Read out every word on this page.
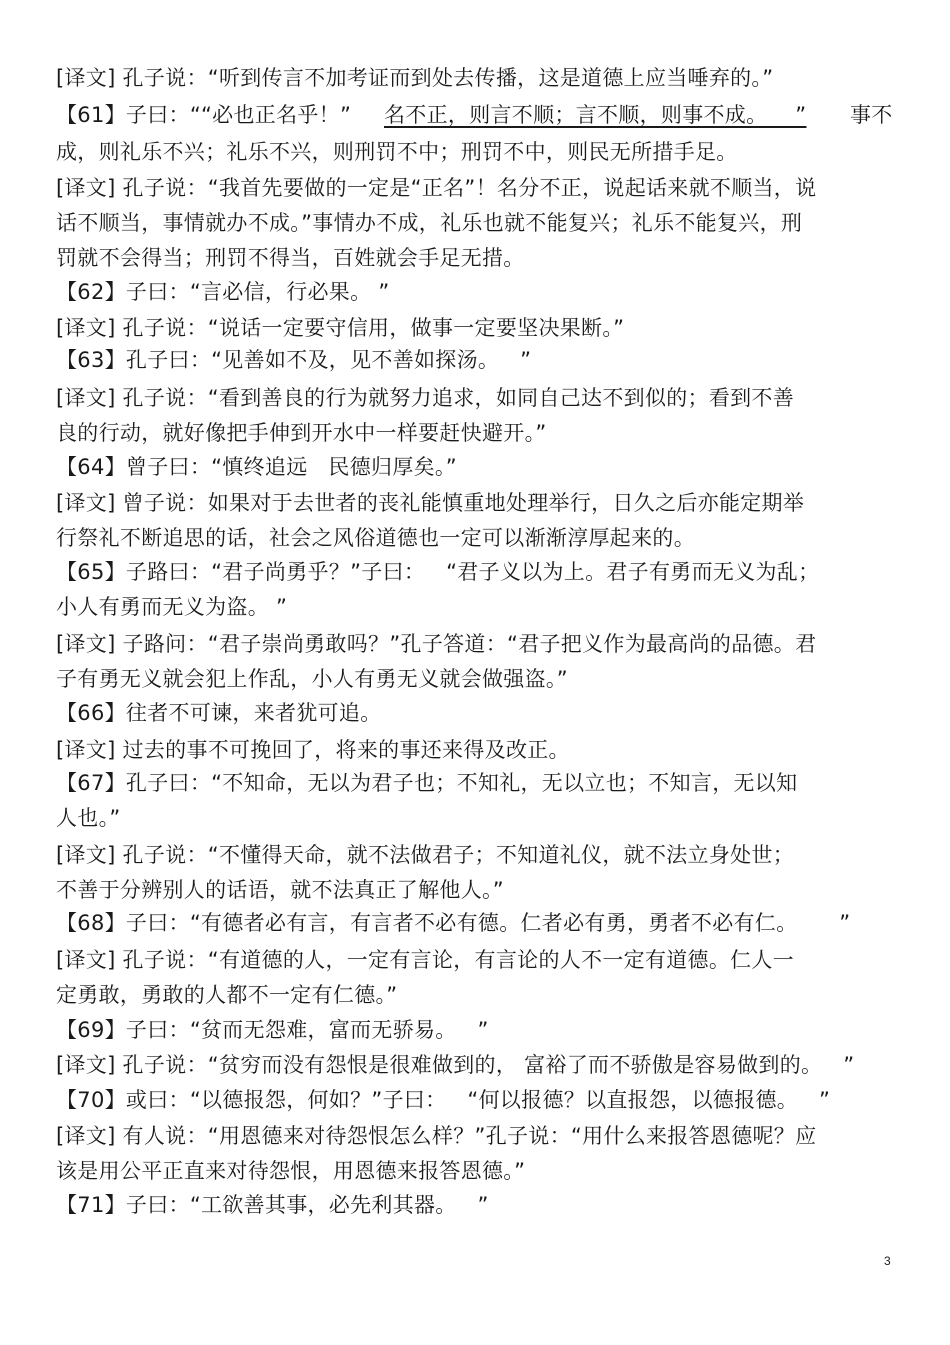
[译文] 孔子说：“听到传言不加考证而到处去传播，这是道德上应当唾弃的。”
【61】子曰：““必也正名乎！” 名不正，则言不顺；言不顺，则事不成。    ” 事不
成，则礼乐不兴；礼乐不兴，则刑罚不中；刑罚不中，则民无所措手足。
[译文] 孔子说：“我首先要做的一定是“正名”！名分不正，说起话来就不顺当，说
话不顺当，事情就办不成。”事情办不成，礼乐也就不能复兴；礼乐不能复兴，刑
罚就不会得当；刑罚不得当，百姓就会手足无措。
【62】子曰：“言必信，行必果。 ”
[译文] 孔子说：“说话一定要守信用，做事一定要坚决果断。”
【63】孔子曰：“见善如不及，见不善如探汤。   ”
[译文] 孔子说：“看到善良的行为就努力追求，如同自己达不到似的；看到不善
良的行动，就好像把手伸到开水中一样要赶快避开。”
【64】曾子曰：“慎终追远   民德归厚矣。”
[译文] 曾子说：如果对于去世者的丧礼能慎重地处理举行，日久之后亦能定期举
行祭礼不断追思的话，社会之风俗道德也一定可以渐渐淳厚起来的。
【65】子路曰：“君子尚勇乎？”子曰：   “君子义以为上。君子有勇而无义为乱；
小人有勇而无义为盗。 ”
[译文] 子路问：“君子崇尚勇敢吗？”孔子答道：“君子把义作为最高尚的品德。君
子有勇无义就会犯上作乱，小人有勇无义就会做强盗。”
【66】往者不可谏，来者犹可追。
[译文] 过去的事不可挽回了，将来的事还来得及改正。
【67】孔子曰：“不知命，无以为君子也；不知礼，无以立也；不知言，无以知
人也。”
[译文] 孔子说：“不懂得天命，就不法做君子；不知道礼仪，就不法立身处世；
不善于分辨别人的话语，就不法真正了解他人。”
【68】子曰：“有德者必有言，有言者不必有德。仁者必有勇，勇者不必有仁。      ”
[译文] 孔子说：“有道德的人，一定有言论，有言论的人不一定有道德。仁人一
定勇敢，勇敢的人都不一定有仁德。”
【69】子曰：“贫而无怨难，富而无骄易。   ”
[译文] 孔子说：“贫穷而没有怨恨是很难做到的， 富裕了而不骄傲是容易做到的。   ”
【70】或曰：“以德报怨，何如？”子曰：   “何以报德？以直报怨，以德报德。   ”
[译文] 有人说：“用恩德来对待怨恨怎么样？”孔子说：“用什么来报答恩德呢？应
该是用公平正直来对待怨恨，用恩德来报答恩德。”
【71】子曰：“工欲善其事，必先利其器。   ”
3
